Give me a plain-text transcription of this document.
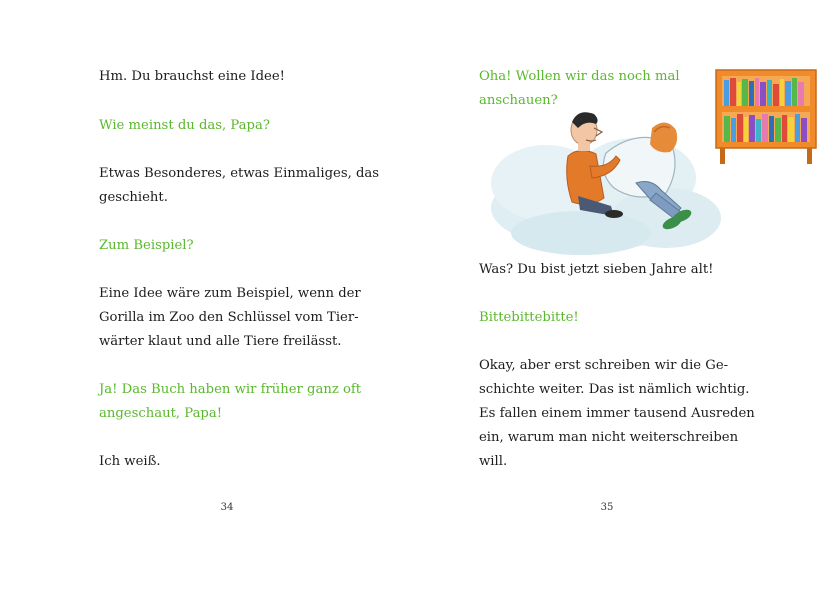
Hm. Du brauchst eine Idee!
Wie meinst du das, Papa?
Etwas Besonderes, etwas Einmaliges, das
geschieht.
Zum Beispiel?
Eine Idee wäre zum Beispiel, wenn der
Gorilla im Zoo den Schlüssel vom Tier-
wärter klaut und alle Tiere freilässt.
Ja! Das Buch haben wir früher ganz oft
angeschaut, Papa!
Ich weiß.
34
Oha! Wollen wir das noch mal
anschauen?
Was? Du bist jetzt sieben Jahre alt!
Bittebittebitte!
Okay, aber erst schreiben wir die Ge-
schichte weiter. Das ist nämlich wichtig.
Es fallen einem immer tausend Ausreden
ein, warum man nicht weiterschreiben
will.
35
